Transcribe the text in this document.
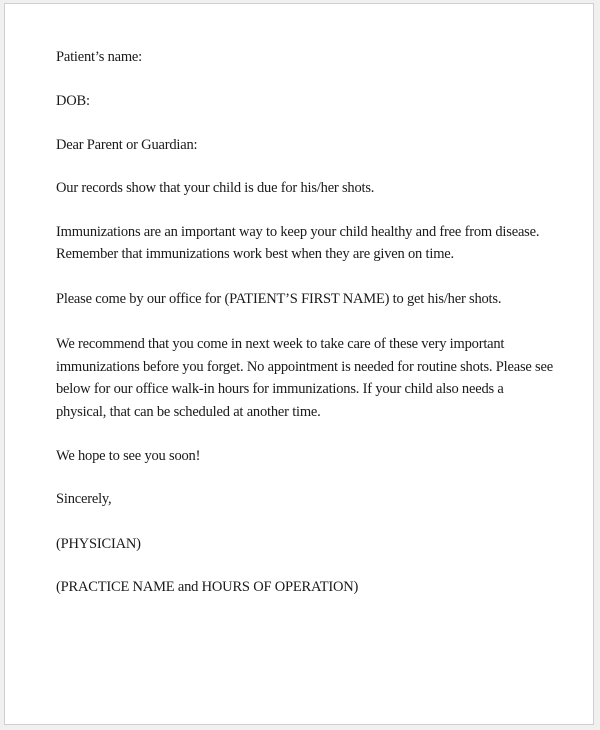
Patient’s name:

DOB:

Dear Parent or Guardian:

Our records show that your child is due for his/her shots.

Immunizations are an important way to keep your child healthy and free from disease.

Remember that immunizations work best when they are given on time.

Please come by our office for (PATIENT’S FIRST NAME) to get his/her shots.

We recommend that you come in next week to take care of these very important

immunizations before you forget. No appointment is needed for routine shots. Please see

below for our office walk-in hours for immunizations. If your child also needs a

physical, that can be scheduled at another time.

We hope to see you soon!

Sincerely,

(PHYSICIAN)

(PRACTICE NAME and HOURS OF OPERATION)
